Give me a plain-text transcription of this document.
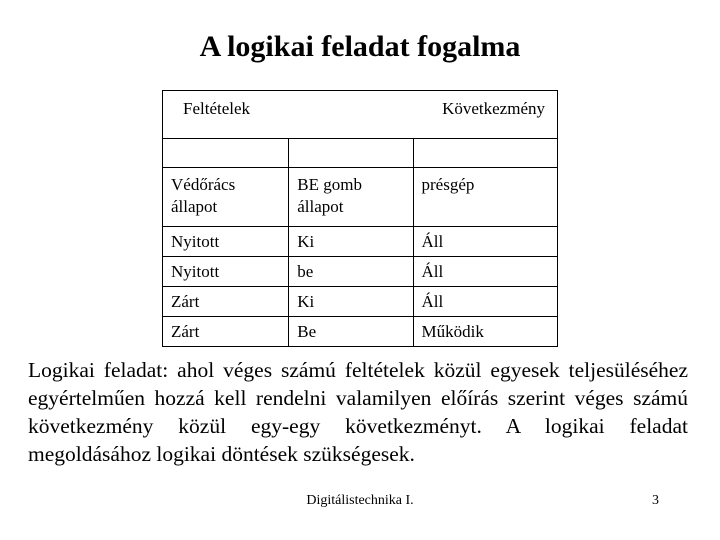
A logikai feladat fogalma
Feltételek		Következmény

Védőrács állapot	BE gomb állapot	présgép
Nyitott	Ki	Áll
Nyitott	be	Áll
Zárt	Ki	Áll
Zárt	Be	Működik
Logikai feladat: ahol véges számú feltételek közül egyesek teljesüléséhez egyértelműen hozzá kell rendelni valamilyen előírás szerint véges számú következmény közül egy-egy következményt. A logikai feladat megoldásához logikai döntések szükségesek.
Digitálistechnika I.	3
